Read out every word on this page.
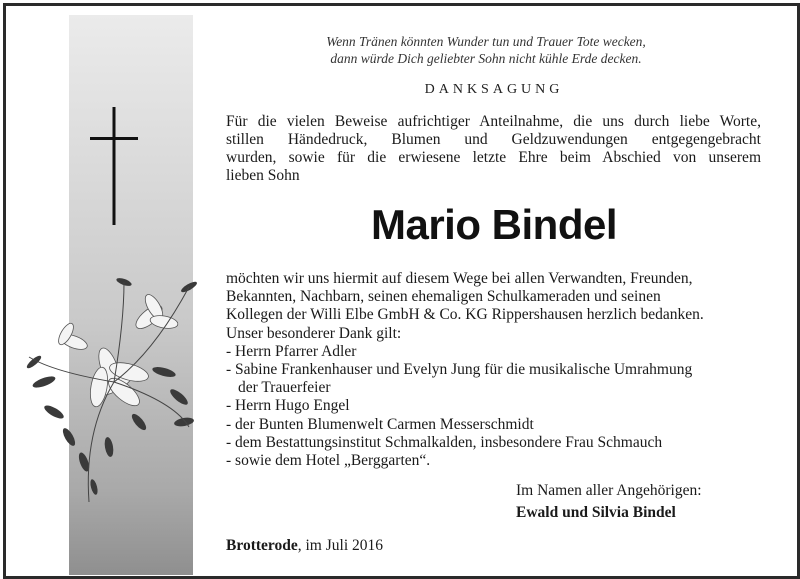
Wenn Tränen könnten Wunder tun und Trauer Tote wecken,
dann würde Dich geliebter Sohn nicht kühle Erde decken.
DANKSAGUNG
Für die vielen Beweise aufrichtiger Anteilnahme, die uns durch liebe Worte,
stillen Händedruck, Blumen und Geldzuwendungen entgegengebracht
wurden, sowie für die erwiesene letzte Ehre beim Abschied von unserem
lieben Sohn
Mario Bindel
möchten wir uns hiermit auf diesem Wege bei allen Verwandten, Freunden,
Bekannten, Nachbarn, seinen ehemaligen Schulkameraden und seinen
Kollegen der Willi Elbe GmbH & Co. KG Rippershausen herzlich bedanken.
Unser besonderer Dank gilt:
- Herrn Pfarrer Adler
- Sabine Frankenhauser und Evelyn Jung für die musikalische Umrahmung
der Trauerfeier
- Herrn Hugo Engel
- der Bunten Blumenwelt Carmen Messerschmidt
- dem Bestattungsinstitut Schmalkalden, insbesondere Frau Schmauch
- sowie dem Hotel „Berggarten“.
Im Namen aller Angehörigen:
Ewald und Silvia Bindel
Brotterode, im Juli 2016
